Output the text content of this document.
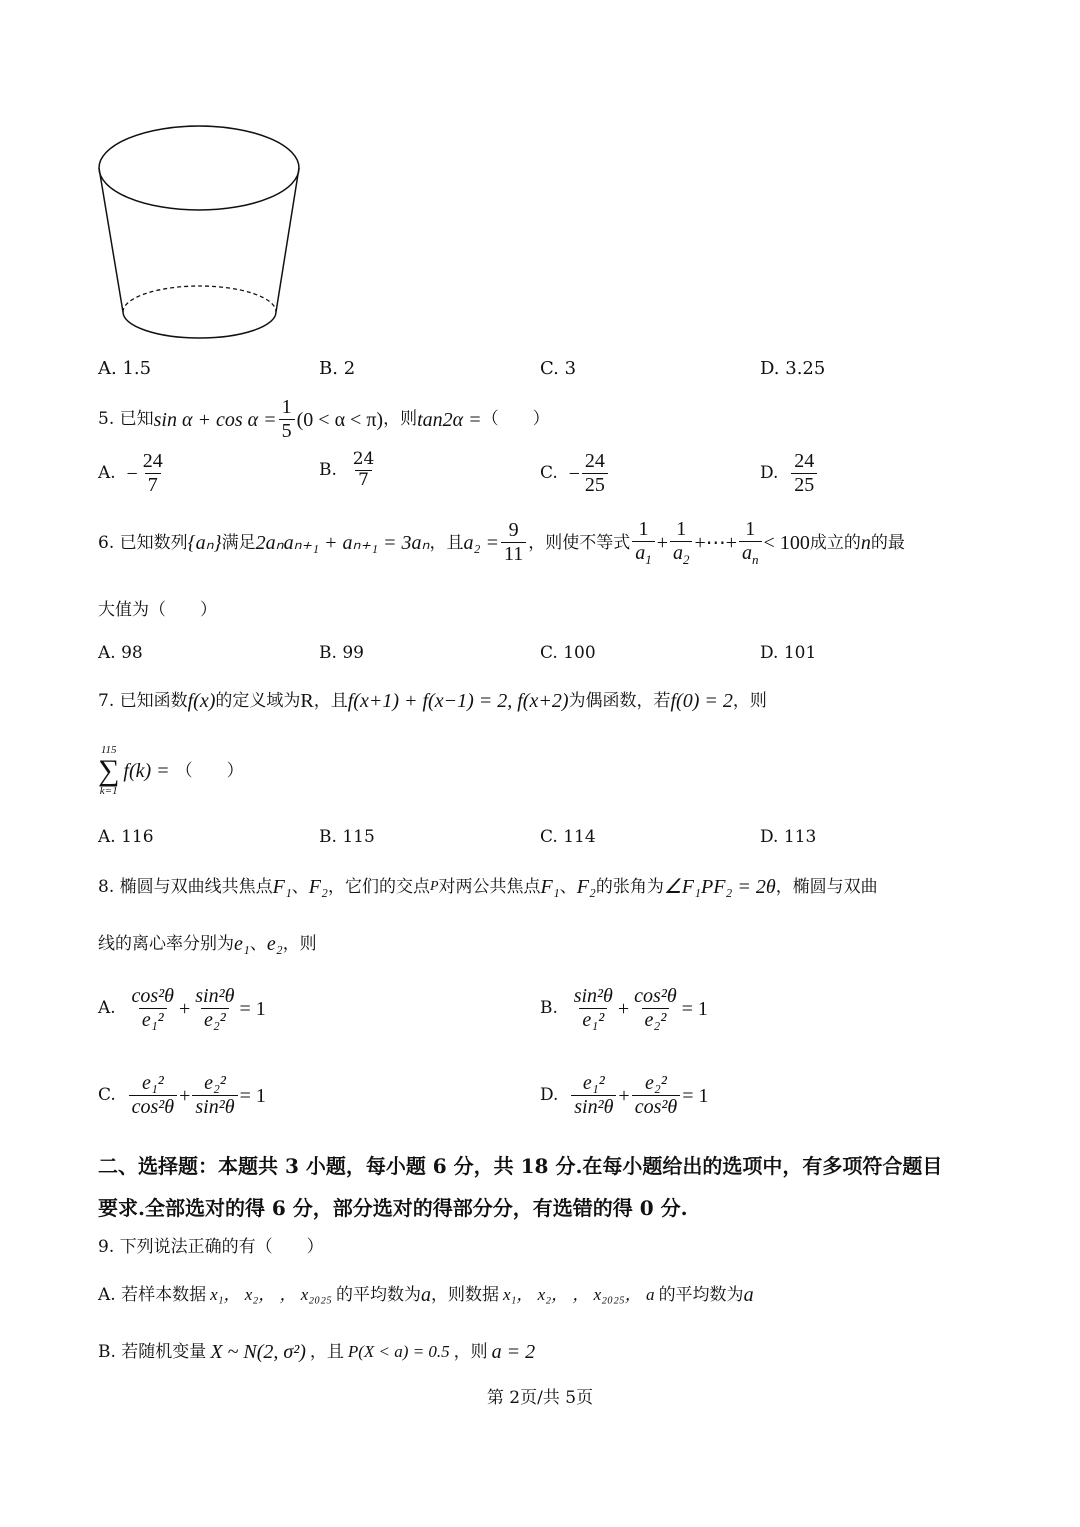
A. 1.5	B. 2	C. 3	D. 3.25
5. 已知 $\sin \alpha + \cos \alpha = \frac{1}{5} (0 < \alpha < \pi)$ ，则 tan2α = （　　）
A.
− $\frac{24}{7}$	B.
$\frac{24}{7}$	C.
− $\frac{24}{25}$	D.
$\frac{24}{25}$
6. 已知数列 {aₙ} 满足 2aₙaₙ₊₁ + aₙ₊₁ = 3aₙ ，且 $a_2 = \frac{9}{11}$ ，则使不等式 $\frac{1}{a_1} + \frac{1}{a_2}$ +⋯+ $\frac{1}{a_n} < 100$ 成立的 n 的最
大值为（　　）
A. 98	B. 99	C. 100	D. 101
7. 已知函数 f(x) 的定义域为 R ，且 f(x+1) + f(x−1) = 2, f(x+2) 为偶函数，若 f(0) = 2 ，则
115
∑
k=1
f(k) = （　　）
A. 116	B. 115	C. 114	D. 113
8. 椭圆与双曲线共焦点 F₁ 、 F₂ ，它们的交点 P 对两公共焦点 F₁ 、 F₂ 的张角为 ∠F₁PF₂ = 2θ ，椭圆与双曲
线的离心率分别为 e₁ 、 e₂ ，则
A.
$\frac{\text{cos²θ}}{\text{e₁²}} + \frac{\text{sin²θ}}{\text{e₂²}} = 1$	B.
$\frac{\text{sin²θ}}{\text{e₁²}} + \frac{\text{cos²θ}}{\text{e₂²}} = 1$
C.
$\frac{\text{e₁²}}{\text{cos²θ}} + \frac{\text{e₂²}}{\text{sin²θ}} = 1$	D.
$\frac{\text{e₁²}}{\text{sin²θ}} + \frac{\text{e₂²}}{\text{cos²θ}} = 1$
二、选择题：本题共 3 小题，每小题 6 分，共 18 分.在每小题给出的选项中，有多项符合题目
要求.全部选对的得 6 分，部分选对的得部分分，有选错的得 0 分.
9. 下列说法正确的有（　　）
A. 若样本数据 x₁， x₂， ， x₂₀₂₅ 的平均数为 a ，则数据 x₁， x₂， ， x₂₀₂₅， a 的平均数为 a
B. 若随机变量 X ~ N(2, σ²) ，且 P(X < a) = 0.5 ，则 a = 2
第 2页/共 5页
